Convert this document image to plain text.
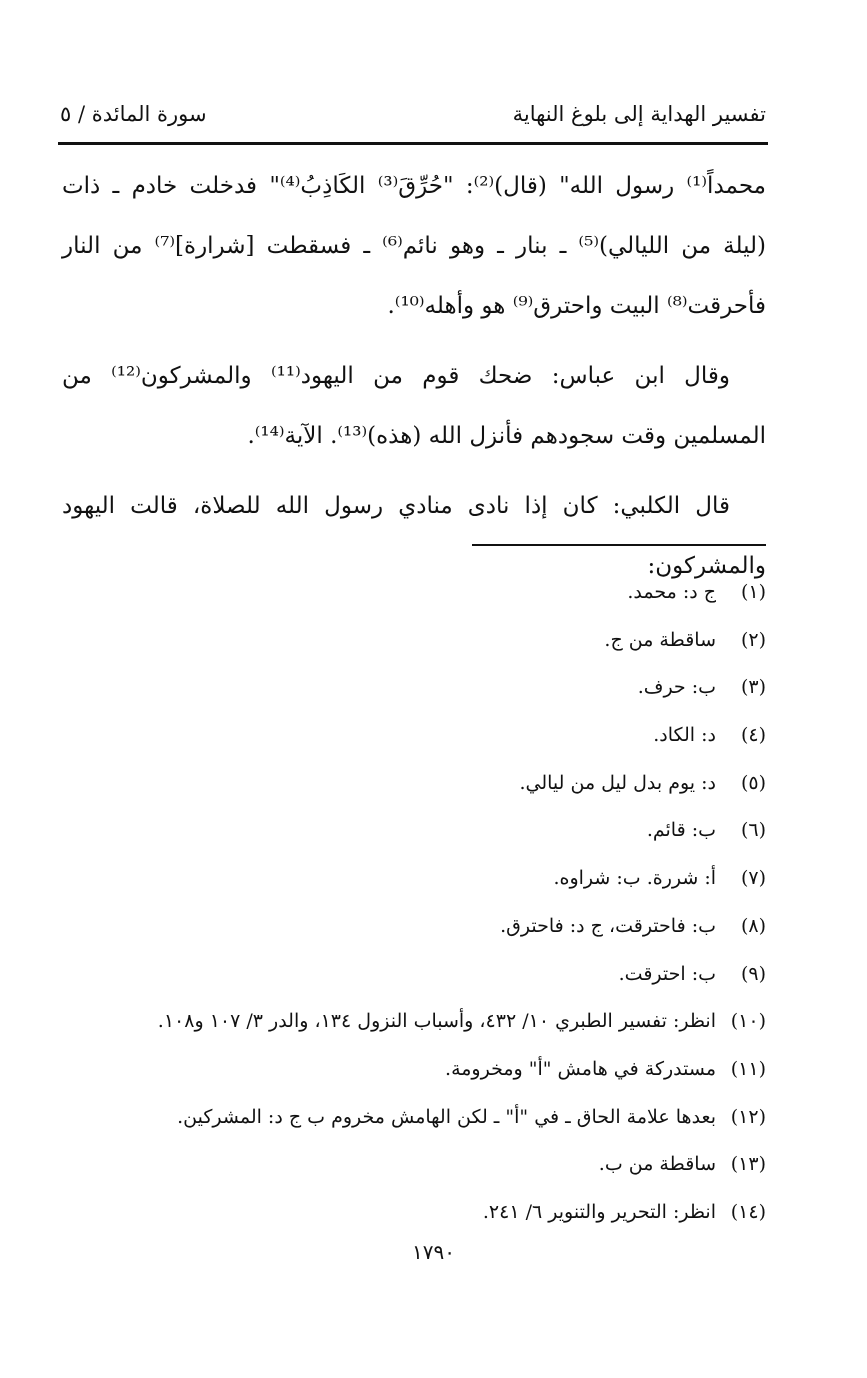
تفسير الهداية إلى بلوغ النهاية
سورة المائدة / ٥

محمداً⁽¹⁾ رسول الله" (قال)⁽²⁾: "حُرِّقَ⁽³⁾ الكَاذِبُ⁽⁴⁾" فدخلت خادم ـ ذات (ليلة من الليالي)⁽⁵⁾ ـ بنار ـ وهو نائم⁽⁶⁾ ـ فسقطت [شرارة]⁽⁷⁾ من النار فأحرقت⁽⁸⁾ البيت واحترق⁽⁹⁾ هو وأهله⁽¹⁰⁾.

وقال ابن عباس: ضحك قوم من اليهود⁽¹¹⁾ والمشركون⁽¹²⁾ من المسلمين وقت سجودهم فأنزل الله (هذه)⁽¹³⁾. الآية⁽¹⁴⁾.

قال الكلبي: كان إذا نادى منادي رسول الله للصلاة، قالت اليهود والمشركون:

(١)
ج د: محمد.
(٢)
ساقطة من ج.
(٣)
ب: حرف.
(٤)
د: الكاد.
(٥)
د: يوم بدل ليل من ليالي.
(٦)
ب: قائم.
(٧)
أ: شررة. ب: شراوه.
(٨)
ب: فاحترقت، ج د: فاحترق.
(٩)
ب: احترقت.
(١٠)
انظر: تفسير الطبري ١٠/ ٤٣٢، وأسباب النزول ١٣٤، والدر ٣/ ١٠٧ و١٠٨.
(١١)
مستدركة في هامش "أ" ومخرومة.
(١٢)
بعدها علامة الحاق ـ في "أ" ـ لكن الهامش مخروم ب ج د: المشركين.
(١٣)
ساقطة من ب.
(١٤)
انظر: التحرير والتنوير ٦/ ٢٤١.
١٧٩٠
